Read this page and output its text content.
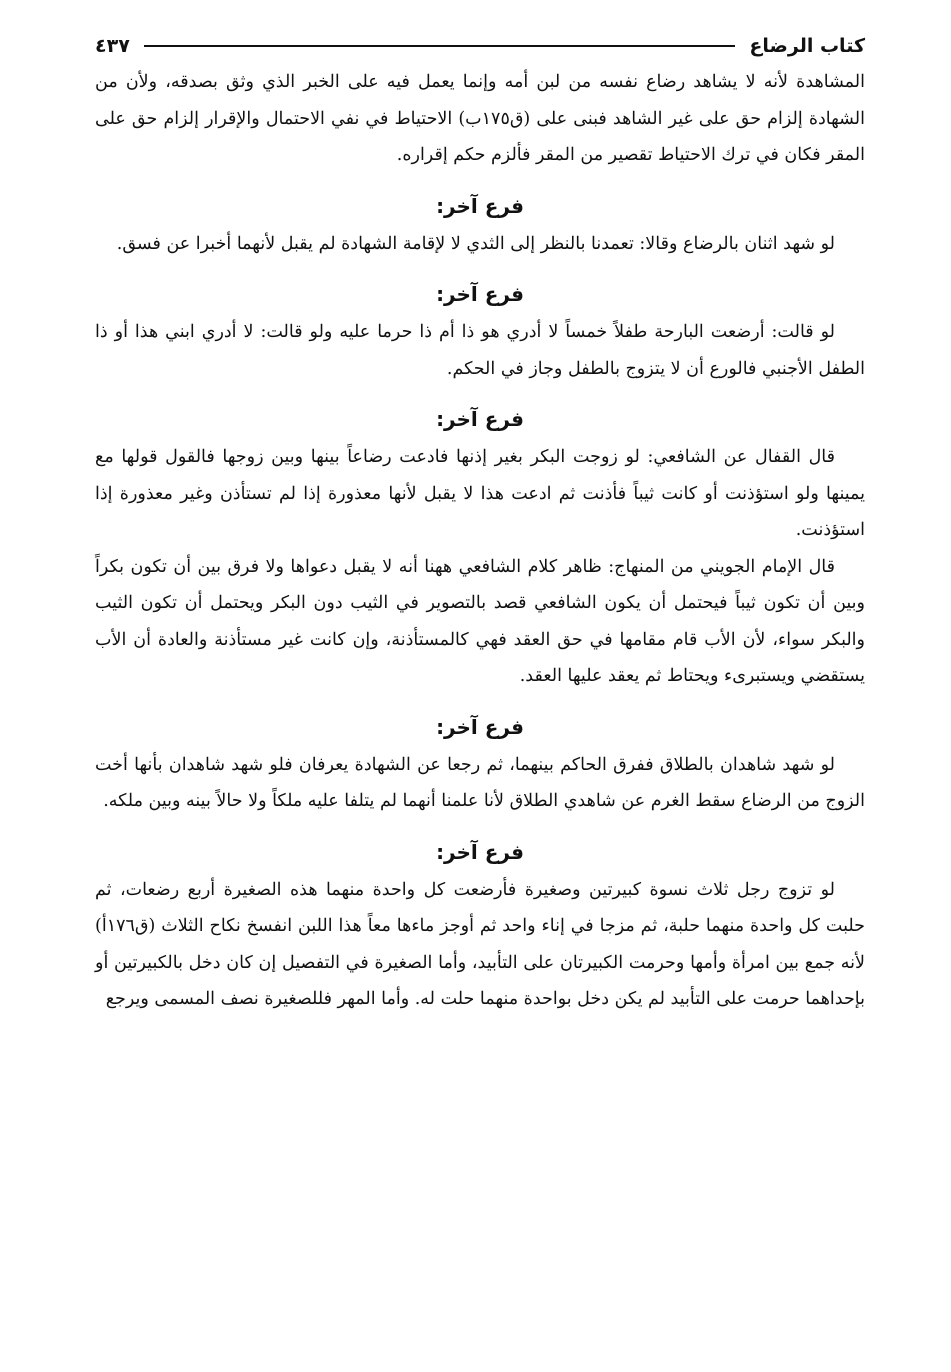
كتاب الرضاع
٤٣٧

المشاهدة لأنه لا يشاهد رضاع نفسه من لبن أمه وإنما يعمل فيه على الخبر الذي وثق بصدقه، ولأن من الشهادة إلزام حق على غير الشاهد فبنى على (ق١٧٥ب) الاحتياط في نفي الاحتمال والإقرار إلزام حق على المقر فكان في ترك الاحتياط تقصير من المقر فألزم حكم إقراره.

فرع آخر:

لو شهد اثنان بالرضاع وقالا: تعمدنا بالنظر إلى الثدي لا لإقامة الشهادة لم يقبل لأنهما أخبرا عن فسق.

فرع آخر:

لو قالت: أرضعت البارحة طفلاً خمساً لا أدري هو ذا أم ذا حرما عليه ولو قالت: لا أدري ابني هذا أو ذا الطفل الأجنبي فالورع أن لا يتزوج بالطفل وجاز في الحكم.

فرع آخر:

قال القفال عن الشافعي: لو زوجت البكر بغير إذنها فادعت رضاعاً بينها وبين زوجها فالقول قولها مع يمينها ولو استؤذنت أو كانت ثيباً فأذنت ثم ادعت هذا لا يقبل لأنها معذورة إذا لم تستأذن وغير معذورة إذا استؤذنت.

قال الإمام الجويني من المنهاج: ظاهر كلام الشافعي ههنا أنه لا يقبل دعواها ولا فرق بين أن تكون بكراً وبين أن تكون ثيباً فيحتمل أن يكون الشافعي قصد بالتصوير في الثيب دون البكر ويحتمل أن تكون الثيب والبكر سواء، لأن الأب قام مقامها في حق العقد فهي كالمستأذنة، وإن كانت غير مستأذنة والعادة أن الأب يستقضي ويستبرىء ويحتاط ثم يعقد عليها العقد.

فرع آخر:

لو شهد شاهدان بالطلاق ففرق الحاكم بينهما، ثم رجعا عن الشهادة يعرفان فلو شهد شاهدان بأنها أخت الزوج من الرضاع سقط الغرم عن شاهدي الطلاق لأنا علمنا أنهما لم يتلفا عليه ملكاً ولا حالاً بينه وبين ملكه.

فرع آخر:

لو تزوج رجل ثلاث نسوة كبيرتين وصغيرة فأرضعت كل واحدة منهما هذه الصغيرة أربع رضعات، ثم حلبت كل واحدة منهما حلبة، ثم مزجا في إناء واحد ثم أوجز ماءها معاً هذا اللبن انفسخ نكاح الثلاث (ق١٧٦أ) لأنه جمع بين امرأة وأمها وحرمت الكبيرتان على التأبيد، وأما الصغيرة في التفصيل إن كان دخل بالكبيرتين أو بإحداهما حرمت على التأبيد لم يكن دخل بواحدة منهما حلت له. وأما المهر فللصغيرة نصف المسمى ويرجع
